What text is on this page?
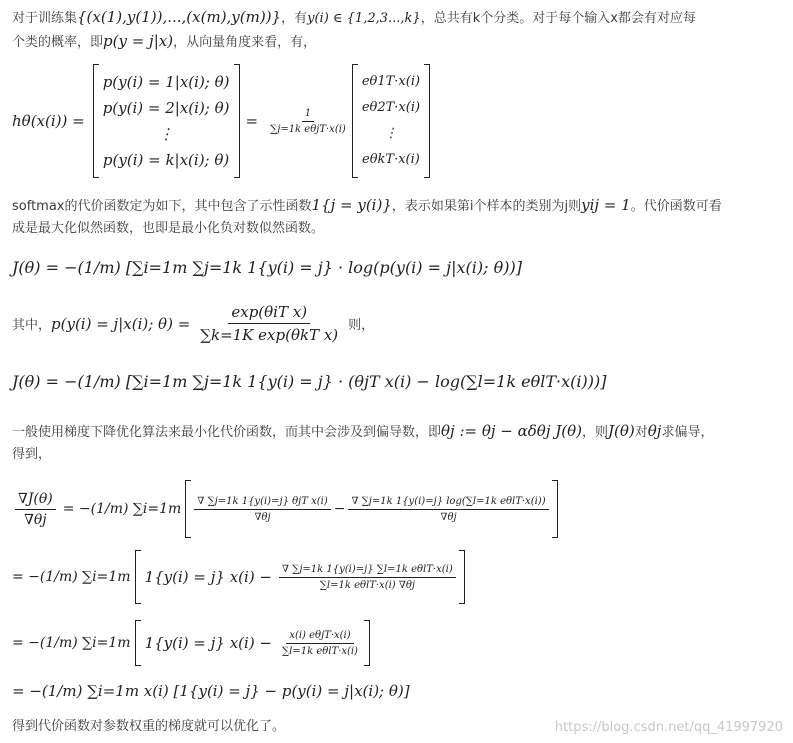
对于训练集{(x(1),y(1)),...,(x(m),y(m))}，有y(i) ∈ {1,2,3...,k}，总共有k个分类。对于每个输入x都会有对应每
个类的概率，即p(y = j|x)，从向量角度来看，有，
hθ(x(i)) =
p(y(i) = 1|x(i); θ)
p(y(i) = 2|x(i); θ)
⋮
p(y(i) = k|x(i); θ)
= $\frac{1}{\text{∑j=1k eθjT·x(i)}}$
eθ1T·x(i)
eθ2T·x(i)
⋮
eθkT·x(i)
softmax的代价函数定为如下，其中包含了示性函数1{j = y(i)}，表示如果第i个样本的类别为j则yij = 1。代价函数可看
成是最大化似然函数，也即是最小化负对数似然函数。
J(θ) = −(1/m) [∑i=1m ∑j=1k 1{y(i) = j} · log(p(y(i) = j|x(i); θ))]
其中， p(y(i) = j|x(i); $\theta) = \frac{\text{exp(θiT x)}}{\text{∑k=1K exp(θkT x)}}$ 则，
J(θ) = −(1/m) [∑i=1m ∑j=1k 1{y(i) = j} · (θjT x(i) − log(∑l=1k eθlT·x(i)))]
一般使用梯度下降优化算法来最小化代价函数，而其中会涉及到偏导数，即θj := θj − αδθj J(θ)，则J(θ)对θj求偏导，
得到，
$\frac{\nabla J(\theta)}{\nabla\theta j} = -(1/m)$ $\sum i=1m \frac{\text{∇ ∑j=1k 1\{y(i)=j\} θjT x(i)}}{\nabla\theta j} - \frac{\text{∇ ∑j=1k 1\{y(i)=j\} log(∑l=1k eθlT·x(i))}}{\nabla\theta j}$
= −(1/m) ∑i=1m 1{y(i) = j} $x(i) - \frac{\text{∇ ∑j=1k 1\{y(i)=j\} ∑l=1k eθlT·x(i)}}{\text{∑l=1k eθlT·x(i) ∇θj}}$
= −(1/m) ∑i=1m 1{y(i) = j} $x(i) - \frac{\text{x(i) eθjT·x(i)}}{\text{∑l=1k eθlT·x(i)}}$
= −(1/m) ∑i=1m x(i) [1{y(i) = j} − p(y(i) = j|x(i); θ)]
得到代价函数对参数权重的梯度就可以优化了。	https://blog.csdn.net/qq_41997920
